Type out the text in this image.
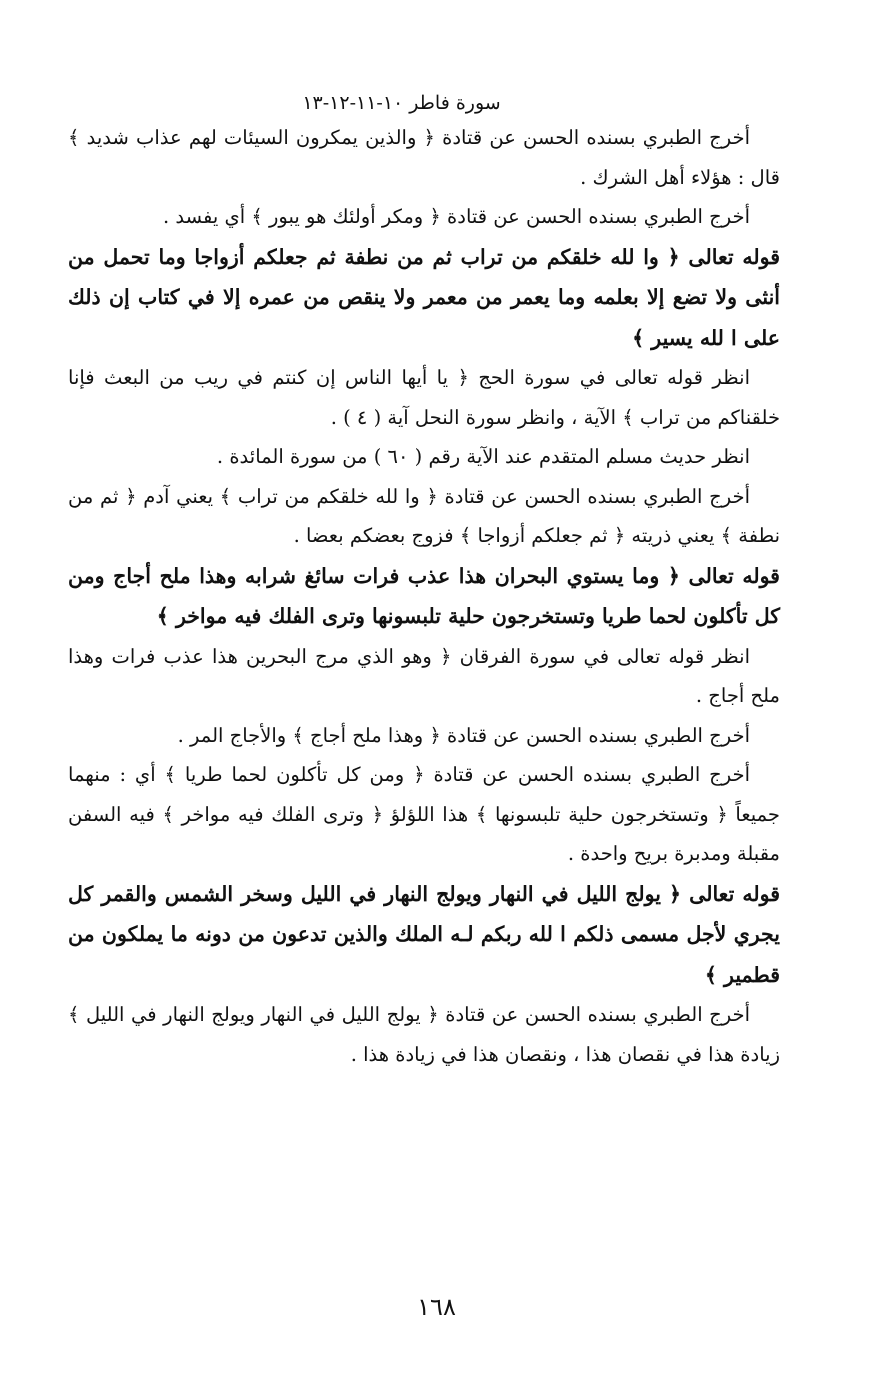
سورة فاطر ١٠-١١-١٢-١٣

أخرج الطبري بسنده الحسن عن قتادة ﴿ والذين يمكرون السيئات لهم عذاب شديد ﴾ قال : هؤلاء أهل الشرك .

أخرج الطبري بسنده الحسن عن قتادة ﴿ ومكر أولئك هو يبور ﴾ أي يفسد .

قوله تعالى ﴿ وا لله خلقكم من تراب ثم من نطفة ثم جعلكم أزواجا وما تحمل من أنثى ولا تضع إلا بعلمه وما يعمر من معمر ولا ينقص من عمره إلا في كتاب إن ذلك على ا لله يسير ﴾

انظر قوله تعالى في سورة الحج ﴿ يا أيها الناس إن كنتم في ريب من البعث فإنا خلقناكم من تراب ﴾ الآية ، وانظر سورة النحل آية ( ٤ ) .

انظر حديث مسلم المتقدم عند الآية رقم ( ٦٠ ) من سورة المائدة .

أخرج الطبري بسنده الحسن عن قتادة ﴿ وا لله خلقكم من تراب ﴾ يعني آدم ﴿ ثم من نطفة ﴾ يعني ذريته ﴿ ثم جعلكم أزواجا ﴾ فزوج بعضكم بعضا .

قوله تعالى ﴿ وما يستوي البحران هذا عذب فرات سائغ شرابه وهذا ملح أجاج ومن كل تأكلون لحما طريا وتستخرجون حلية تلبسونها وترى الفلك فيه مواخر ﴾

انظر قوله تعالى في سورة الفرقان ﴿ وهو الذي مرج البحرين هذا عذب فرات وهذا ملح أجاج .

أخرج الطبري بسنده الحسن عن قتادة ﴿ وهذا ملح أجاج ﴾ والأجاج المر .

أخرج الطبري بسنده الحسن عن قتادة ﴿ ومن كل تأكلون لحما طريا ﴾ أي : منهما جميعاً ﴿ وتستخرجون حلية تلبسونها ﴾ هذا اللؤلؤ ﴿ وترى الفلك فيه مواخر ﴾ فيه السفن مقبلة ومدبرة بريح واحدة .

قوله تعالى ﴿ يولج الليل في النهار ويولج النهار في الليل وسخر الشمس والقمر كل يجري لأجل مسمى ذلكم ا لله ربكم لـه الملك والذين تدعون من دونه ما يملكون من قطمير ﴾

أخرج الطبري بسنده الحسن عن قتادة ﴿ يولج الليل في النهار ويولج النهار في الليل ﴾ زيادة هذا في نقصان هذا ، ونقصان هذا في زيادة هذا .

١٦٨
